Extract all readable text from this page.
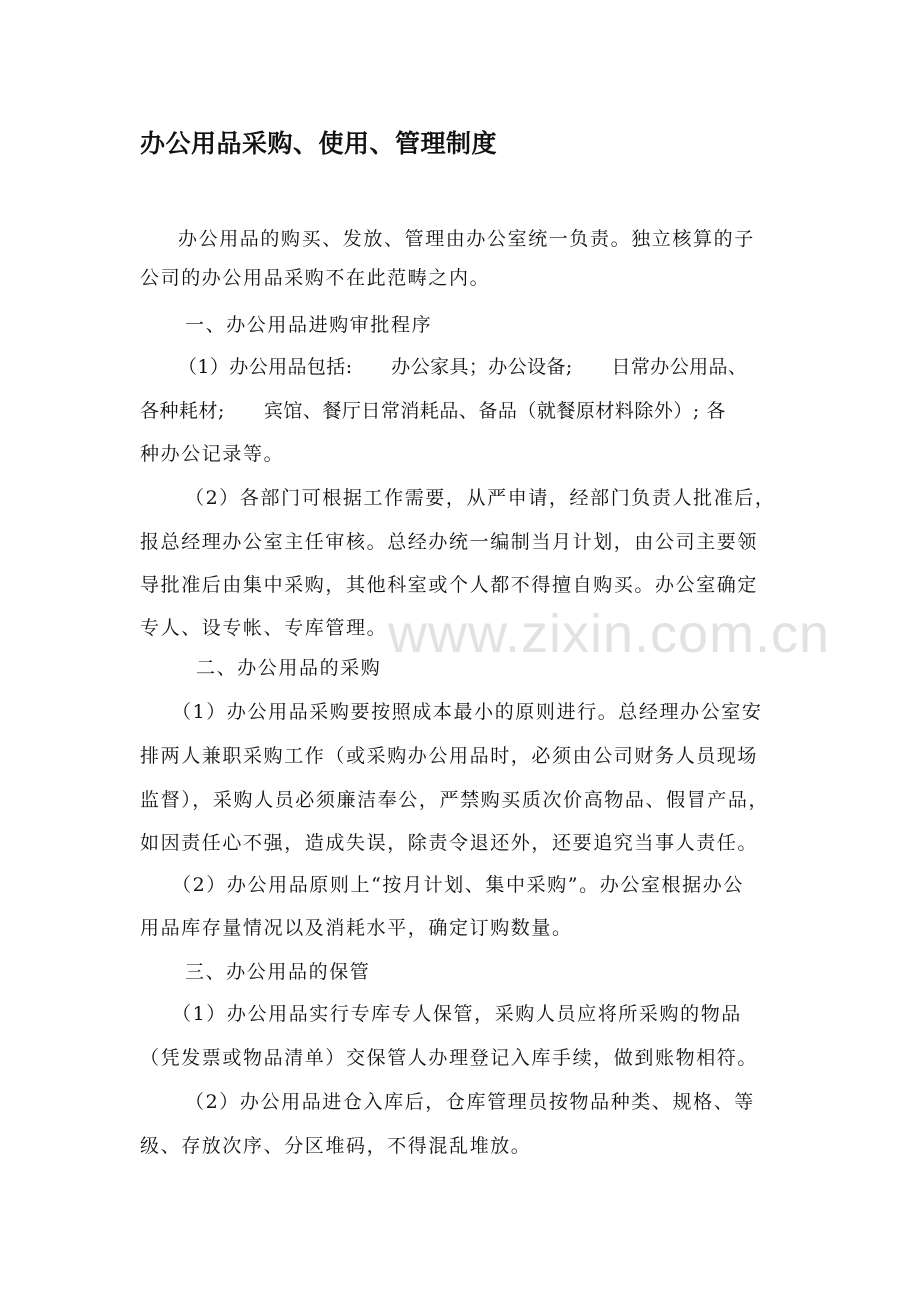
办公用品采购、使用、管理制度
办公用品的购买、发放、管理由办公室统一负责。独立核算的子
公司的办公用品采购不在此范畴之内。
一、办公用品进购审批程序
（1）办公用品包括:　　办公家具；办公设备;　　日常办公用品、
各种耗材;　　宾馆、餐厅日常消耗品、备品（就餐原材料除外）; 各
种办公记录等。
（2）各部门可根据工作需要，从严申请，经部门负责人批准后，
报总经理办公室主任审核。总经办统一编制当月计划，由公司主要领
导批准后由集中采购，其他科室或个人都不得擅自购买。办公室确定
专人、设专帐、专库管理。
二、办公用品的采购
（1）办公用品采购要按照成本最小的原则进行。总经理办公室安
排两人兼职采购工作（或采购办公用品时，必须由公司财务人员现场
监督），采购人员必须廉洁奉公，严禁购买质次价高物品、假冒产品，
如因责任心不强，造成失误，除责令退还外，还要追究当事人责任。
（2）办公用品原则上“按月计划、集中采购”。办公室根据办公
用品库存量情况以及消耗水平，确定订购数量。
三、办公用品的保管
（1）办公用品实行专库专人保管，采购人员应将所采购的物品
（凭发票或物品清单）交保管人办理登记入库手续，做到账物相符。
（2）办公用品进仓入库后，仓库管理员按物品种类、规格、等
级、存放次序、分区堆码，不得混乱堆放。
www.zixin.com.cn
